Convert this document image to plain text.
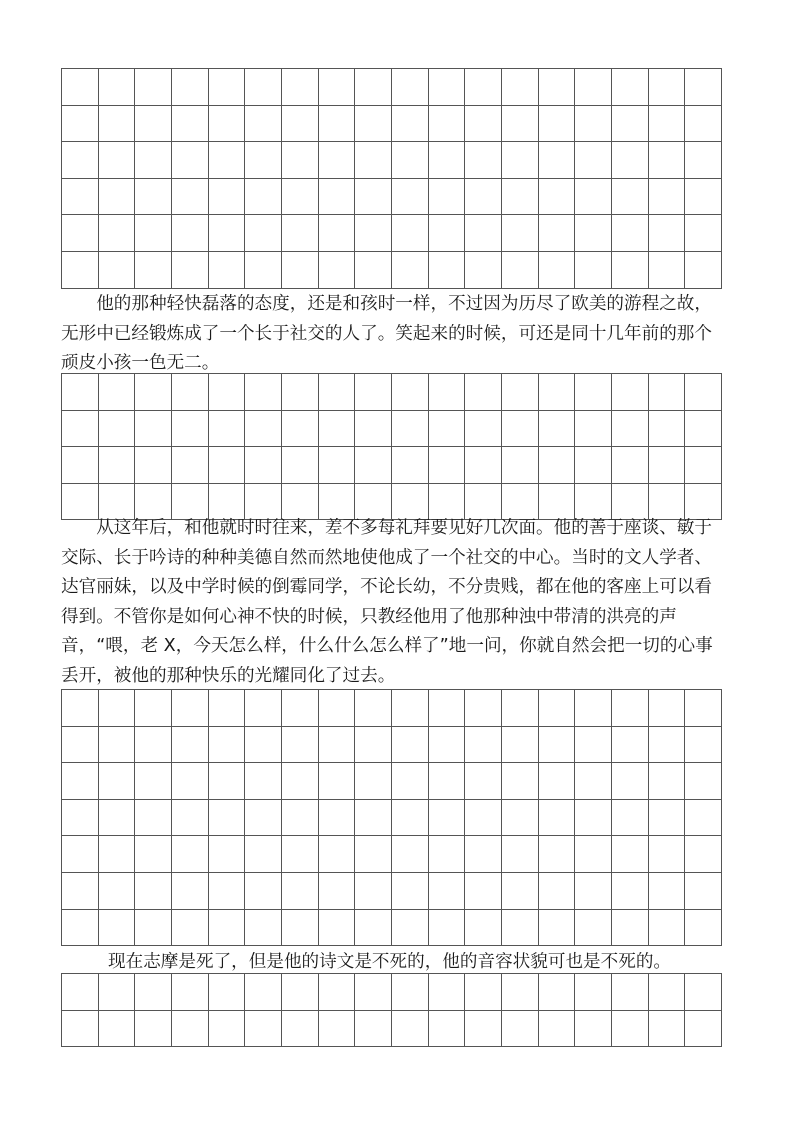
他的那种轻快磊落的态度，还是和孩时一样，不过因为历尽了欧美的游程之故，无形中已经锻炼成了一个长于社交的人了。笑起来的时候，可还是同十几年前的那个顽皮小孩一色无二。

从这年后，和他就时时往来，差不多每礼拜要见好几次面。他的善于座谈、敏于交际、长于吟诗的种种美德自然而然地使他成了一个社交的中心。当时的文人学者、达官丽妹，以及中学时候的倒霉同学，不论长幼，不分贵贱，都在他的客座上可以看得到。不管你是如何心神不快的时候，只教经他用了他那种浊中带清的洪亮的声音，“喂，老 X，今天怎么样，什么什么怎么样了”地一问，你就自然会把一切的心事丢开，被他的那种快乐的光耀同化了过去。

现在志摩是死了，但是他的诗文是不死的，他的音容状貌可也是不死的。
